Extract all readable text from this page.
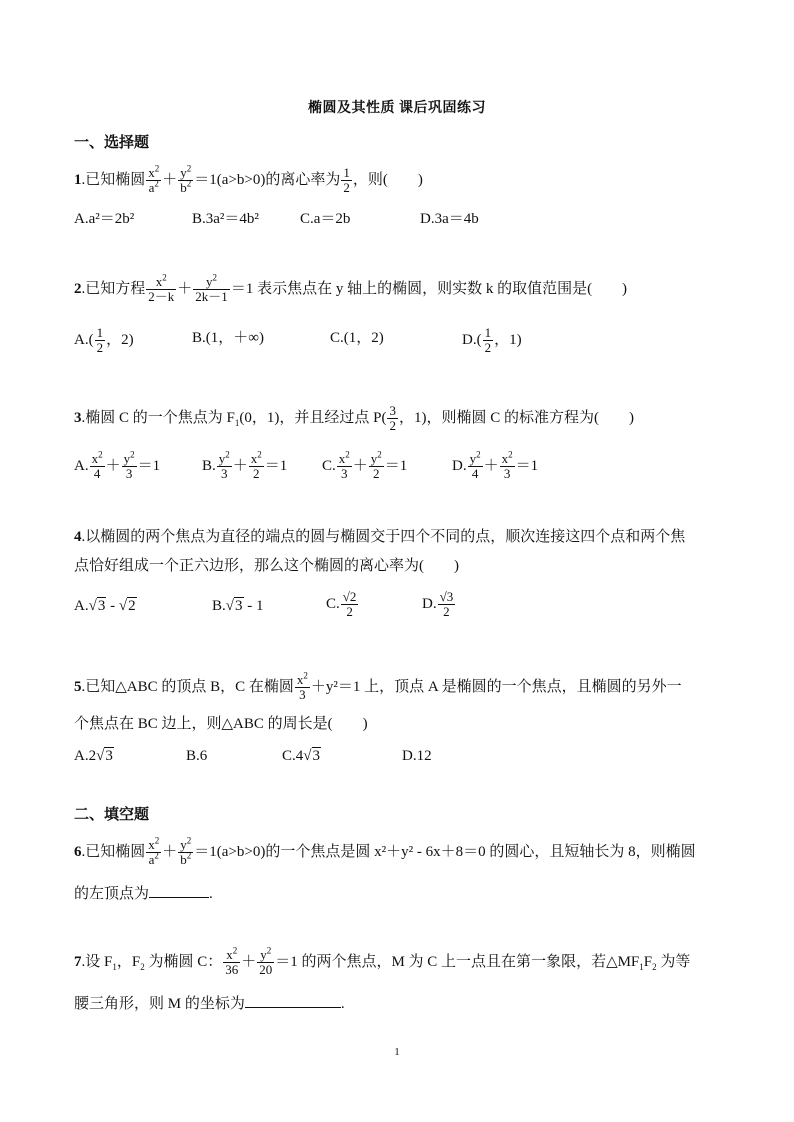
椭圆及其性质 课后巩固练习
一、选择题
1.已知椭圆 $\frac{x^2}{a^2} + \frac{y^2}{b^2} =1(a>b>0)$的离心率为 $\frac{1}{2}$ ，则(　　)
A.a²＝2b²	B.3a²＝4b²	C.a＝2b	D.3a＝4b
2.已知方程 $\frac{x^2}{2-k} + \frac{y^2}{2k-1} =1$ 表示焦点在 y 轴上的椭圆，则实数 k 的取值范围是(　　)
$A.( \frac{1}{2}$ ，2)	B.(1，＋∞)	C.(1，2)	$D.( \frac{1}{2}$ ，1)
3.椭圆 C 的一个焦点为 $F_1(0$，1)，并且经过点 $P( \frac{3}{2}$ ，1)，则椭圆 C 的标准方程为(　　)
A. $\frac{x^2}{4} + \frac{y^2}{3} =1$	B. $\frac{y^2}{3} + \frac{x^2}{2} =1$ C. $\frac{x^2}{3} + \frac{y^2}{2} =1$	D. $\frac{y^2}{4} + \frac{x^2}{3} =1$
4.以椭圆的两个焦点为直径的端点的圆与椭圆交于四个不同的点，顺次连接这四个点和两个焦
点恰好组成一个正六边形，那么这个椭圆的离心率为(　　)
A.√3 - √2	B.√3 - 1	C. $\frac{√2}{2}$	D. $\frac{√3}{2}$
5.已知△ABC 的顶点 B，C 在椭圆 $\frac{x^2}{3} +y^2=1$ 上，顶点 A 是椭圆的一个焦点，且椭圆的另外一
个焦点在 BC 边上，则△ABC 的周长是(　　)
A.2√3	B.6	C.4√3	D.12
二、填空题
6.已知椭圆 $\frac{x^2}{a^2} + \frac{y^2}{b^2} =1(a>b>0)$的一个焦点是圆 x²＋y² - 6x＋8＝0 的圆心，且短轴长为 8，则椭圆
的左顶点为	.
7.设 $F_1$，$F_2$ 为椭圆 C： $\frac{x^2}{36} + \frac{y^2}{20} =1$ 的两个焦点，M 为 C 上一点且在第一象限，若$\triangle MF_1F_2$ 为等
腰三角形，则 M 的坐标为	.
1
